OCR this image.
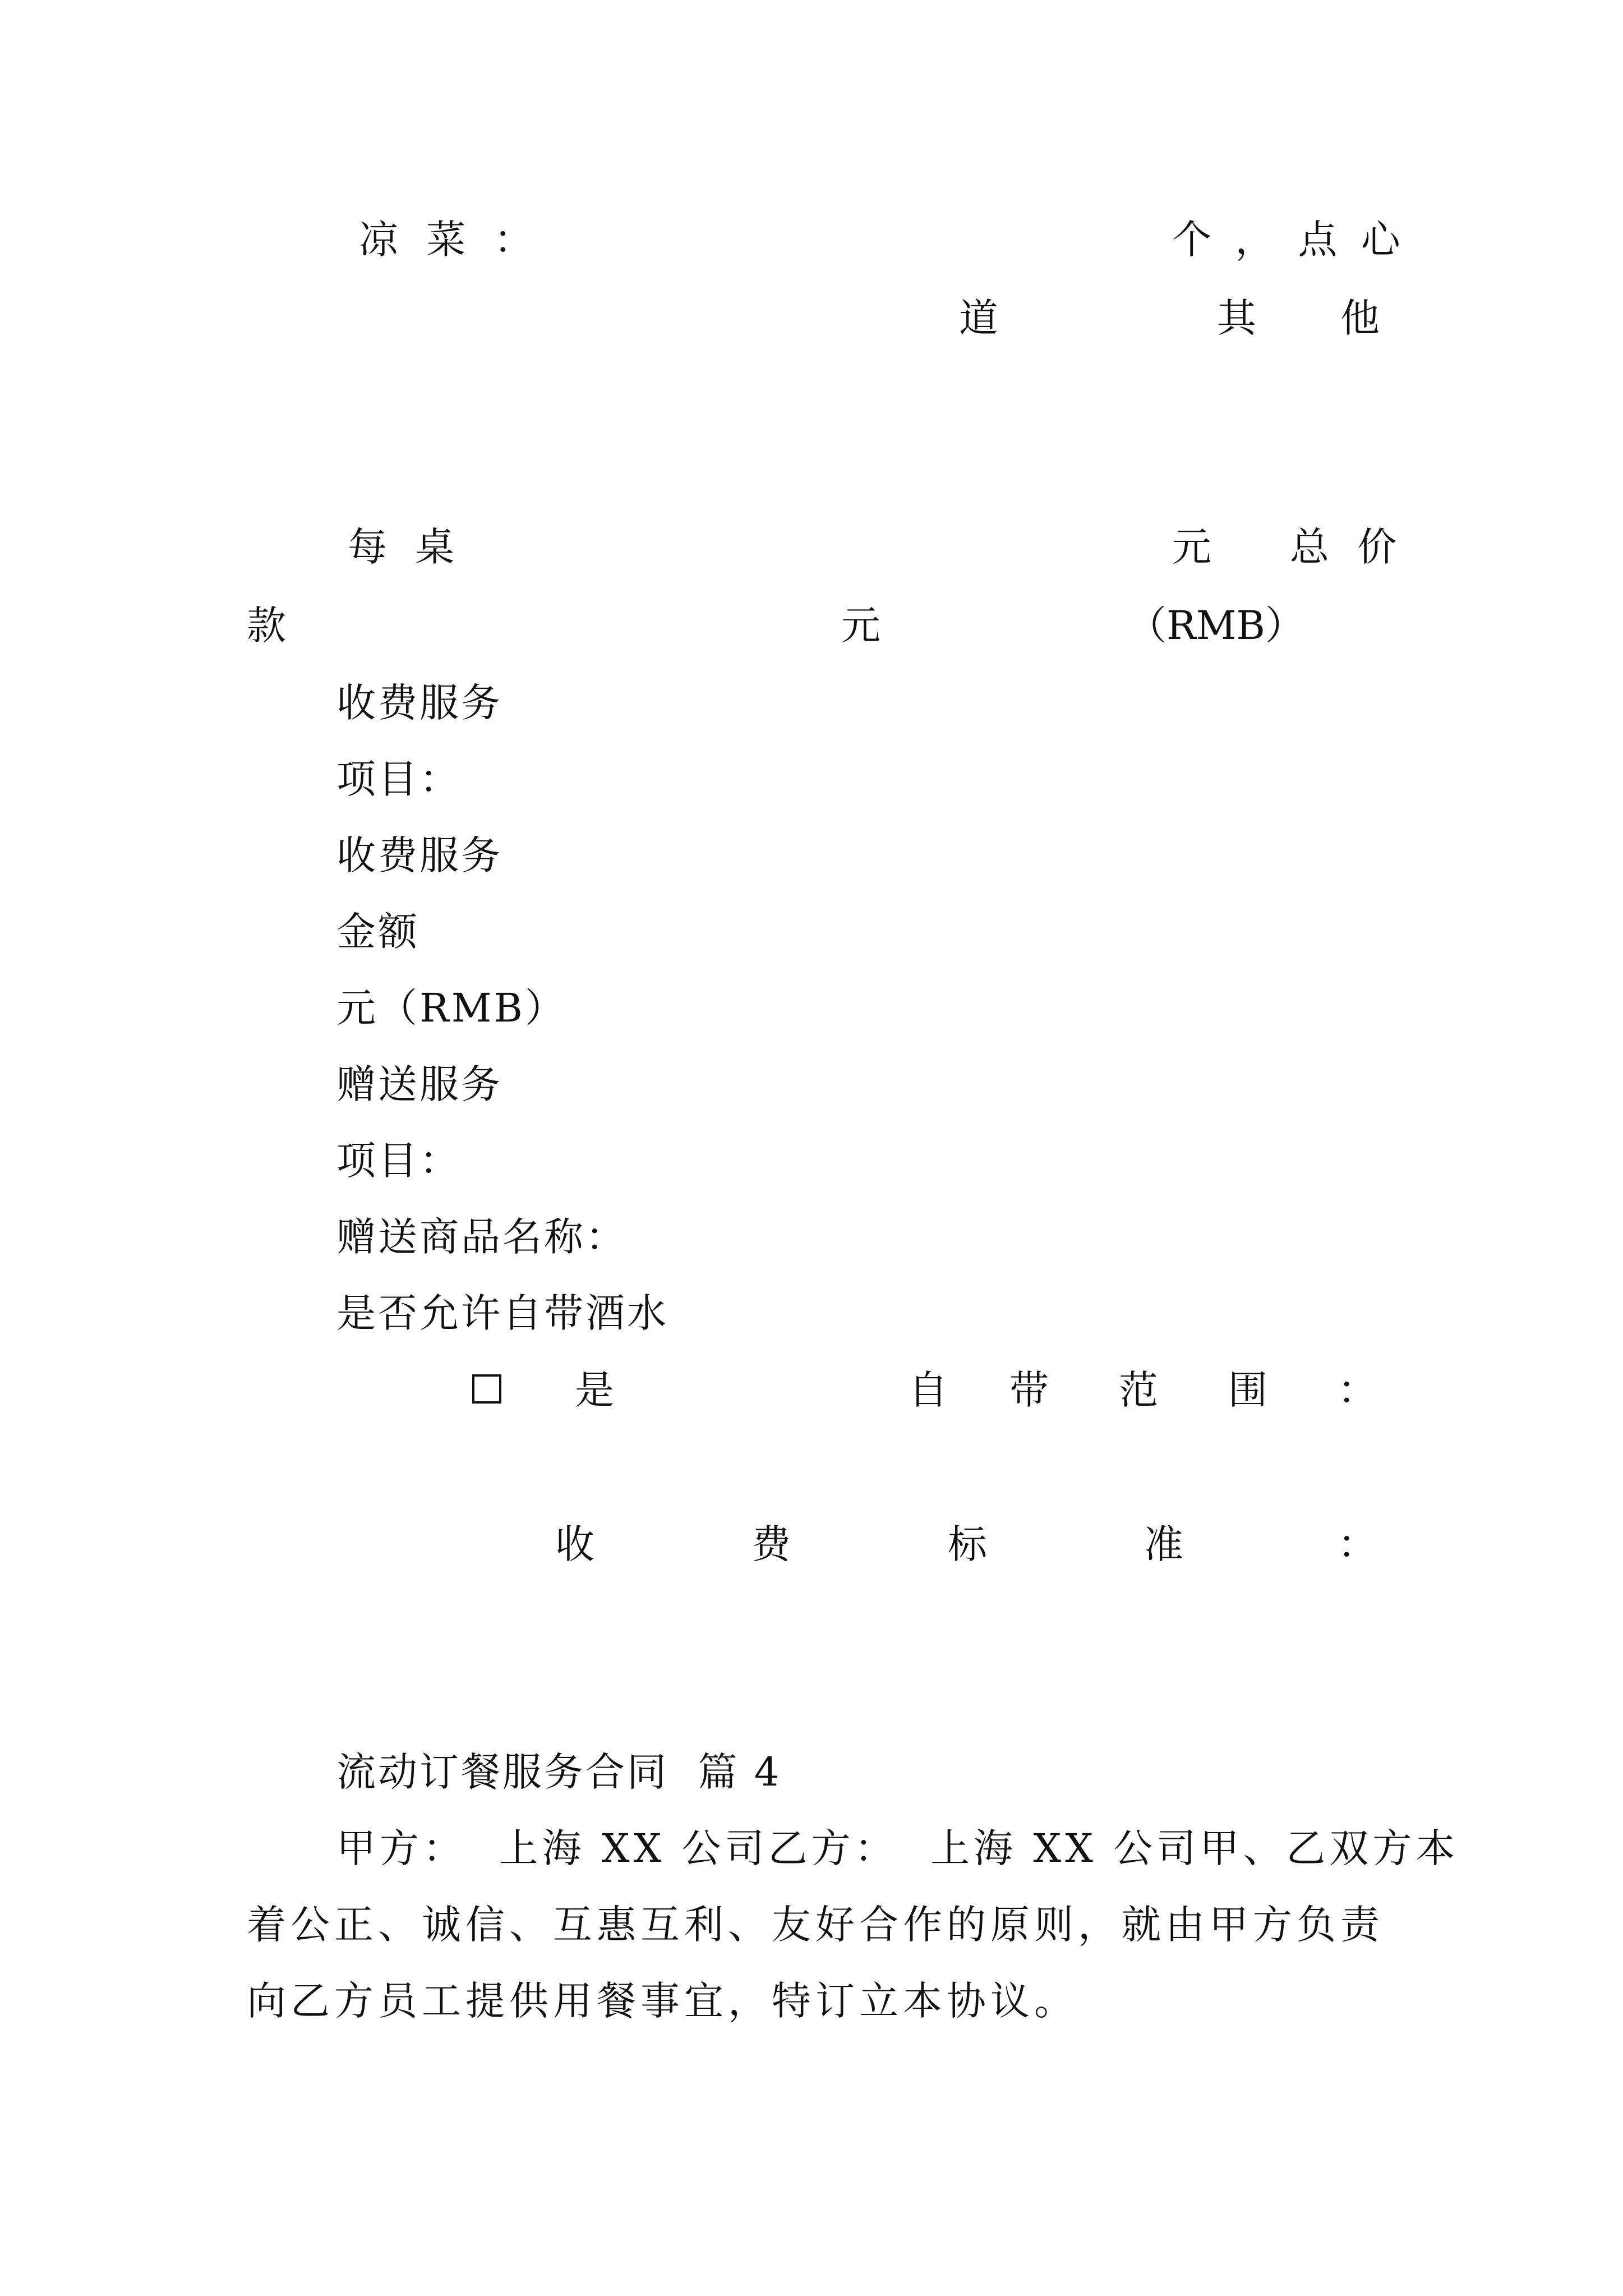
凉 菜 ：	个 ， 点 心
道	其 他
每 桌	元 总 价
款	元	（RMB）
收费服务
项目：
收费服务
金额
元（RMB）
赠送服务
项目：
赠送商品名称：
是否允许自带酒水
是	自 带 范 围 ：
收	费	标	准	：
流动订餐服务合同  篇 4
甲方：  上海 XX 公司乙方：  上海 XX 公司甲、乙双方本
着公正、诚信、互惠互利、友好合作的原则，就由甲方负责
向乙方员工提供用餐事宜，特订立本协议。
